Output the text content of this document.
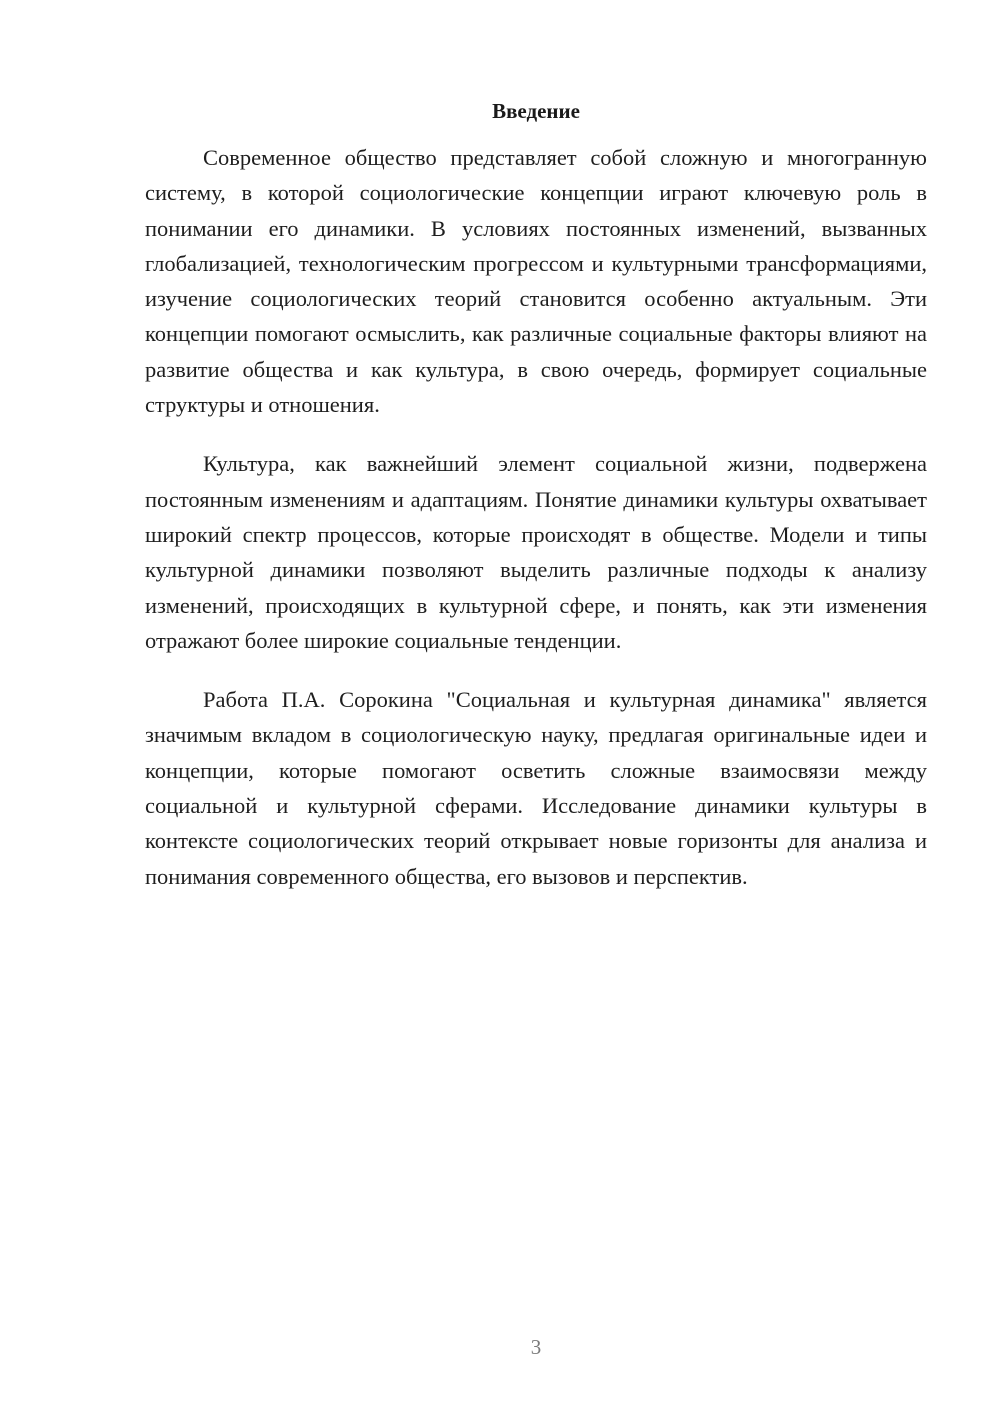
Введение

Современное общество представляет собой сложную и многогранную систему, в которой социологические концепции играют ключевую роль в понимании его динамики. В условиях постоянных изменений, вызванных глобализацией, технологическим прогрессом и культурными трансформациями, изучение социологических теорий становится особенно актуальным. Эти концепции помогают осмыслить, как различные социальные факторы влияют на развитие общества и как культура, в свою очередь, формирует социальные структуры и отношения.

Культура, как важнейший элемент социальной жизни, подвержена постоянным изменениям и адаптациям. Понятие динамики культуры охватывает широкий спектр процессов, которые происходят в обществе. Модели и типы культурной динамики позволяют выделить различные подходы к анализу изменений, происходящих в культурной сфере, и понять, как эти изменения отражают более широкие социальные тенденции.

Работа П.А. Сорокина "Социальная и культурная динамика" является значимым вкладом в социологическую науку, предлагая оригинальные идеи и концепции, которые помогают осветить сложные взаимосвязи между социальной и культурной сферами. Исследование динамики культуры в контексте социологических теорий открывает новые горизонты для анализа и понимания современного общества, его вызовов и перспектив.

3
